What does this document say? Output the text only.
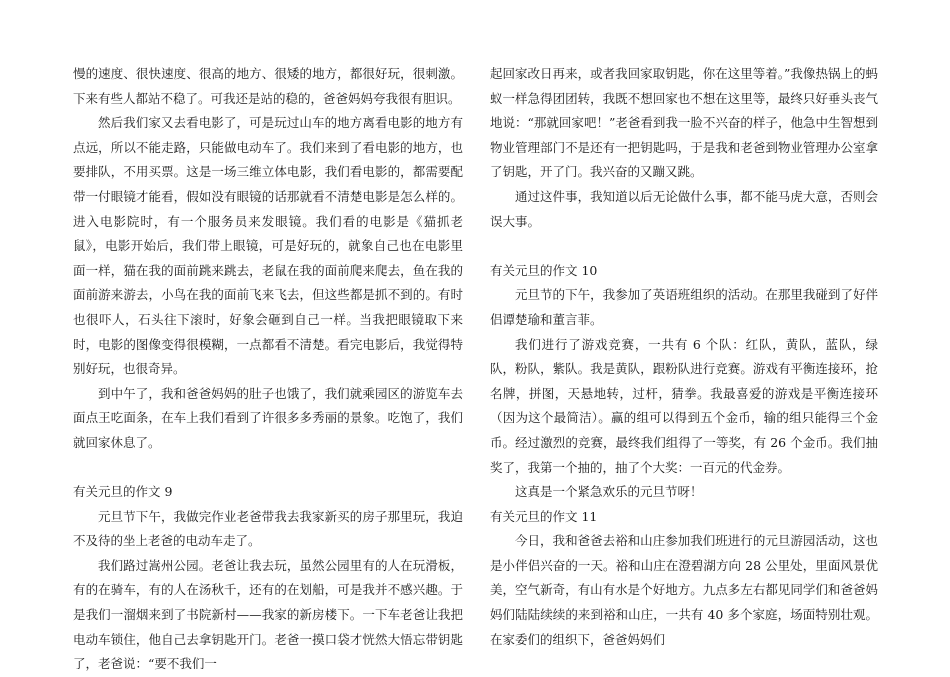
慢的速度、很快速度、很高的地方、很矮的地方，都很好玩，很刺激。下来有些人都站不稳了。可我还是站的稳的，爸爸妈妈夸我很有胆识。

然后我们家又去看电影了，可是玩过山车的地方离看电影的地方有点远，所以不能走路，只能做电动车了。我们来到了看电影的地方，也要排队，不用买票。这是一场三维立体电影，我们看电影的，都需要配带一付眼镜才能看，假如没有眼镜的话那就看不清楚电影是怎么样的。进入电影院时，有一个服务员来发眼镜。我们看的电影是《猫抓老鼠》，电影开始后，我们带上眼镜，可是好玩的，就象自己也在电影里面一样，猫在我的面前跳来跳去，老鼠在我的面前爬来爬去，鱼在我的面前游来游去，小鸟在我的面前飞来飞去，但这些都是抓不到的。有时也很吓人，石头往下滚时，好象会砸到自己一样。当我把眼镜取下来时，电影的图像变得很模糊，一点都看不清楚。看完电影后，我觉得特别好玩，也很奇异。

到中午了，我和爸爸妈妈的肚子也饿了，我们就乘园区的游览车去面点王吃面条，在车上我们看到了许很多多秀丽的景象。吃饱了，我们就回家休息了。

有关元旦的作文 9

元旦节下午，我做完作业老爸带我去我家新买的房子那里玩，我迫不及待的坐上老爸的电动车走了。

我们路过嵩州公园。老爸让我去玩，虽然公园里有的人在玩滑板，有的在骑车，有的人在汤秋千，还有的在划船，可是我并不感兴趣。于是我们一溜烟来到了书院新村——我家的新房楼下。一下车老爸让我把电动车锁住，他自己去拿钥匙开门。老爸一摸口袋才恍然大悟忘带钥匙了，老爸说：“要不我们一

起回家改日再来，或者我回家取钥匙，你在这里等着。”我像热锅上的蚂蚁一样急得团团转，我既不想回家也不想在这里等，最终只好垂头丧气地说：“那就回家吧！”老爸看到我一脸不兴奋的样子，他急中生智想到物业管理部门不是还有一把钥匙吗，于是我和老爸到物业管理办公室拿了钥匙，开了门。我兴奋的又蹦又跳。

通过这件事，我知道以后无论做什么事，都不能马虎大意，否则会误大事。

有关元旦的作文 10

元旦节的下午，我参加了英语班组织的活动。在那里我碰到了好伴侣谭楚瑜和董言菲。

我们进行了游戏竞赛，一共有 6 个队：红队，黄队，蓝队，绿队，粉队，紫队。我是黄队，跟粉队进行竞赛。游戏有平衡连接环，抢名牌，拼图，天悬地转，过杆，猜拳。我最喜爱的游戏是平衡连接环（因为这个最简洁）。赢的组可以得到五个金币，输的组只能得三个金币。经过激烈的竞赛，最终我们组得了一等奖，有 26 个金币。我们抽奖了，我第一个抽的，抽了个大奖：一百元的代金券。

这真是一个紧急欢乐的元旦节呀！

有关元旦的作文 11

今日，我和爸爸去裕和山庄参加我们班进行的元旦游园活动，这也是小伴侣兴奋的一天。裕和山庄在澄碧湖方向 28 公里处，里面风景优美，空气新奇，有山有水是个好地方。九点多左右都见同学们和爸爸妈妈们陆陆续续的来到裕和山庄，一共有 40 多个家庭，场面特别壮观。在家委们的组织下，爸爸妈妈们
